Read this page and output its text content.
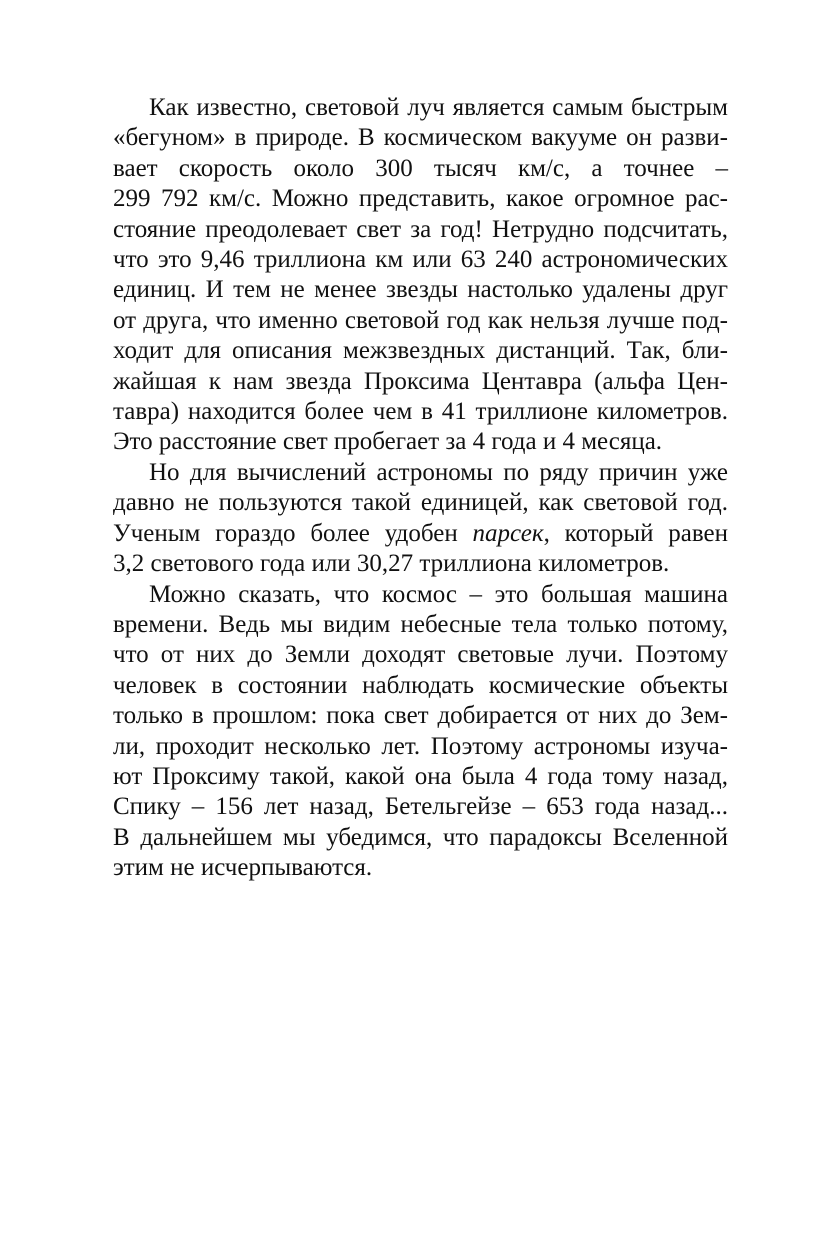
Как известно, световой луч является самым быстрым
«бегуном» в природе. В космическом вакууме он разви-
вает скорость около 300 тысяч км/с, а точнее –
299 792 км/с. Можно представить, какое огромное рас-
стояние преодолевает свет за год! Нетрудно подсчитать,
что это 9,46 триллиона км или 63 240 астрономических
единиц. И тем не менее звезды настолько удалены друг
от друга, что именно световой год как нельзя лучше под-
ходит для описания межзвездных дистанций. Так, бли-
жайшая к нам звезда Проксима Центавра (альфа Цен-
тавра) находится более чем в 41 триллионе километров.
Это расстояние свет пробегает за 4 года и 4 месяца.

Но для вычислений астрономы по ряду причин уже
давно не пользуются такой единицей, как световой год.
Ученым гораздо более удобен парсек, который равен
3,2 светового года или 30,27 триллиона километров.

Можно сказать, что космос – это большая машина
времени. Ведь мы видим небесные тела только потому,
что от них до Земли доходят световые лучи. Поэтому
человек в состоянии наблюдать космические объекты
только в прошлом: пока свет добирается от них до Зем-
ли, проходит несколько лет. Поэтому астрономы изуча-
ют Проксиму такой, какой она была 4 года тому назад,
Спику – 156 лет назад, Бетельгейзе – 653 года назад...
В дальнейшем мы убедимся, что парадоксы Вселенной
этим не исчерпываются.
